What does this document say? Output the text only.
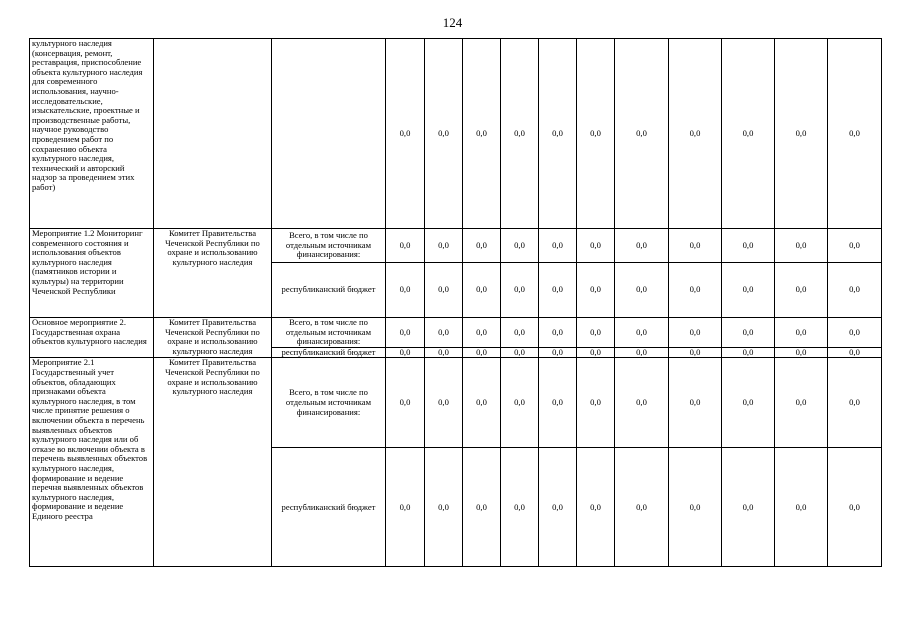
124
культурного наследия (консервация, ремонт, реставрация, приспособление объекта культурного наследия для современного использования, научно-исследовательские, изыскательские, проектные и производственные работы, научное руководство проведением работ по сохранению объекта культурного наследия, технический и авторский надзор за проведением этих работ)			0,0	0,0	0,0	0,0	0,0	0,0	0,0	0,0	0,0	0,0	0,0	
Мероприятие 1.2 Мониторинг современного состояния и использования объектов культурного наследия (памятников истории и культуры) на территории Чеченской Республики	Комитет Правительства Чеченской Республики по охране и использованию культурного наследия	Всего, в том числе по отдельным источникам финансирования:	0,0	0,0	0,0	0,0	0,0	0,0	0,0	0,0	0,0	0,0	0,0	
		республиканский бюджет	0,0	0,0	0,0	0,0	0,0	0,0	0,0	0,0	0,0	0,0	0,0	
Основное мероприятие 2. Государственная охрана объектов культурного наследия	Комитет Правительства Чеченской Республики по охране и использованию культурного наследия	Всего, в том числе по отдельным источникам финансирования:	0,0	0,0	0,0	0,0	0,0	0,0	0,0	0,0	0,0	0,0	0,0	
		республиканский бюджет	0,0	0,0	0,0	0,0	0,0	0,0	0,0	0,0	0,0	0,0	0,0	
Мероприятие 2.1 Государственный учет объектов, обладающих признаками объекта культурного наследия, в том числе принятие решения о включении объекта в перечень выявленных объектов культурного наследия или об отказе во включении объекта в перечень выявленных объектов культурного наследия, формирование и ведение перечня выявленных объектов культурного наследия, формирование и ведение Единого реестра	Комитет Правительства Чеченской Республики по охране и использованию культурного наследия	Всего, в том числе по отдельным источникам финансирования:	0,0	0,0	0,0	0,0	0,0	0,0	0,0	0,0	0,0	0,0	0,0	
		республиканский бюджет	0,0	0,0	0,0	0,0	0,0	0,0	0,0	0,0	0,0	0,0	0,0	
